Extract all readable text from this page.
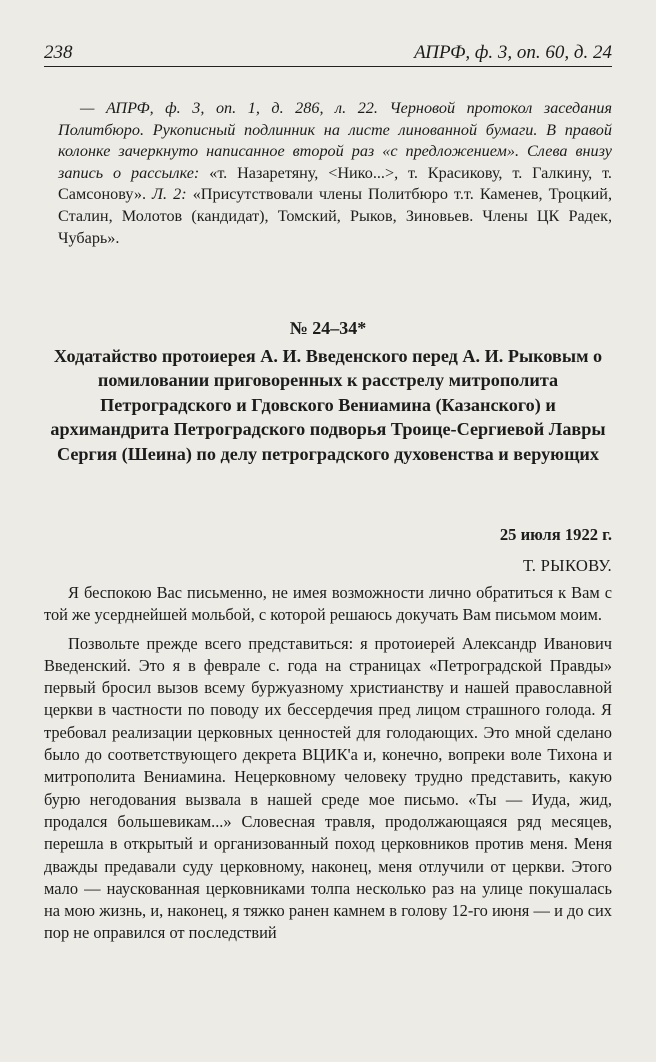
238	АПРФ, ф. 3, оп. 60, д. 24
— АПРФ, ф. 3, оп. 1, д. 286, л. 22. Черновой протокол заседания Политбюро. Рукописный подлинник на листе линованной бумаги. В правой колонке зачеркнуто написанное второй раз «с предложением». Слева внизу запись о рассылке: «т. Назаретяну, <Нико...>, т. Красикову, т. Галкину, т. Самсонову». Л. 2: «Присутствовали члены Политбюро т.т. Каменев, Троцкий, Сталин, Молотов (кандидат), Томский, Рыков, Зиновьев. Члены ЦК Радек, Чубарь».
№ 24–34*
Ходатайство протоиерея А. И. Введенского перед А. И. Рыковым о помиловании приговоренных к расстрелу митрополита Петроградского и Гдовского Вениамина (Казанского) и архимандрита Петроградского подворья Троице-Сергиевой Лавры Сергия (Шеина) по делу петроградского духовенства и верующих
25 июля 1922 г.
Т. РЫКОВУ.

Я беспокою Вас письменно, не имея возможности лично обратиться к Вам с той же усерднейшей мольбой, с которой решаюсь докучать Вам письмом моим.

Позвольте прежде всего представиться: я протоиерей Александр Иванович Введенский. Это я в феврале с. года на страницах «Петроградской Правды» первый бросил вызов всему буржуазному христианству и нашей православной церкви в частности по поводу их бессердечия пред лицом страшного голода. Я требовал реализации церковных ценностей для голодающих. Это мной сделано было до соответствующего декрета ВЦИК'а и, конечно, вопреки воле Тихона и митрополита Вениамина. Нецерковному человеку трудно представить, какую бурю негодования вызвала в нашей среде мое письмо. «Ты — Иуда, жид, продался большевикам...» Словесная травля, продолжающаяся ряд месяцев, перешла в открытый и организованный поход церковников против меня. Меня дважды предавали суду церковному, наконец, меня отлучили от церкви. Этого мало — наускованная церковниками толпа несколько раз на улице покушалась на мою жизнь, и, наконец, я тяжко ранен камнем в голову 12-го июня — и до сих пор не оправился от последствий
